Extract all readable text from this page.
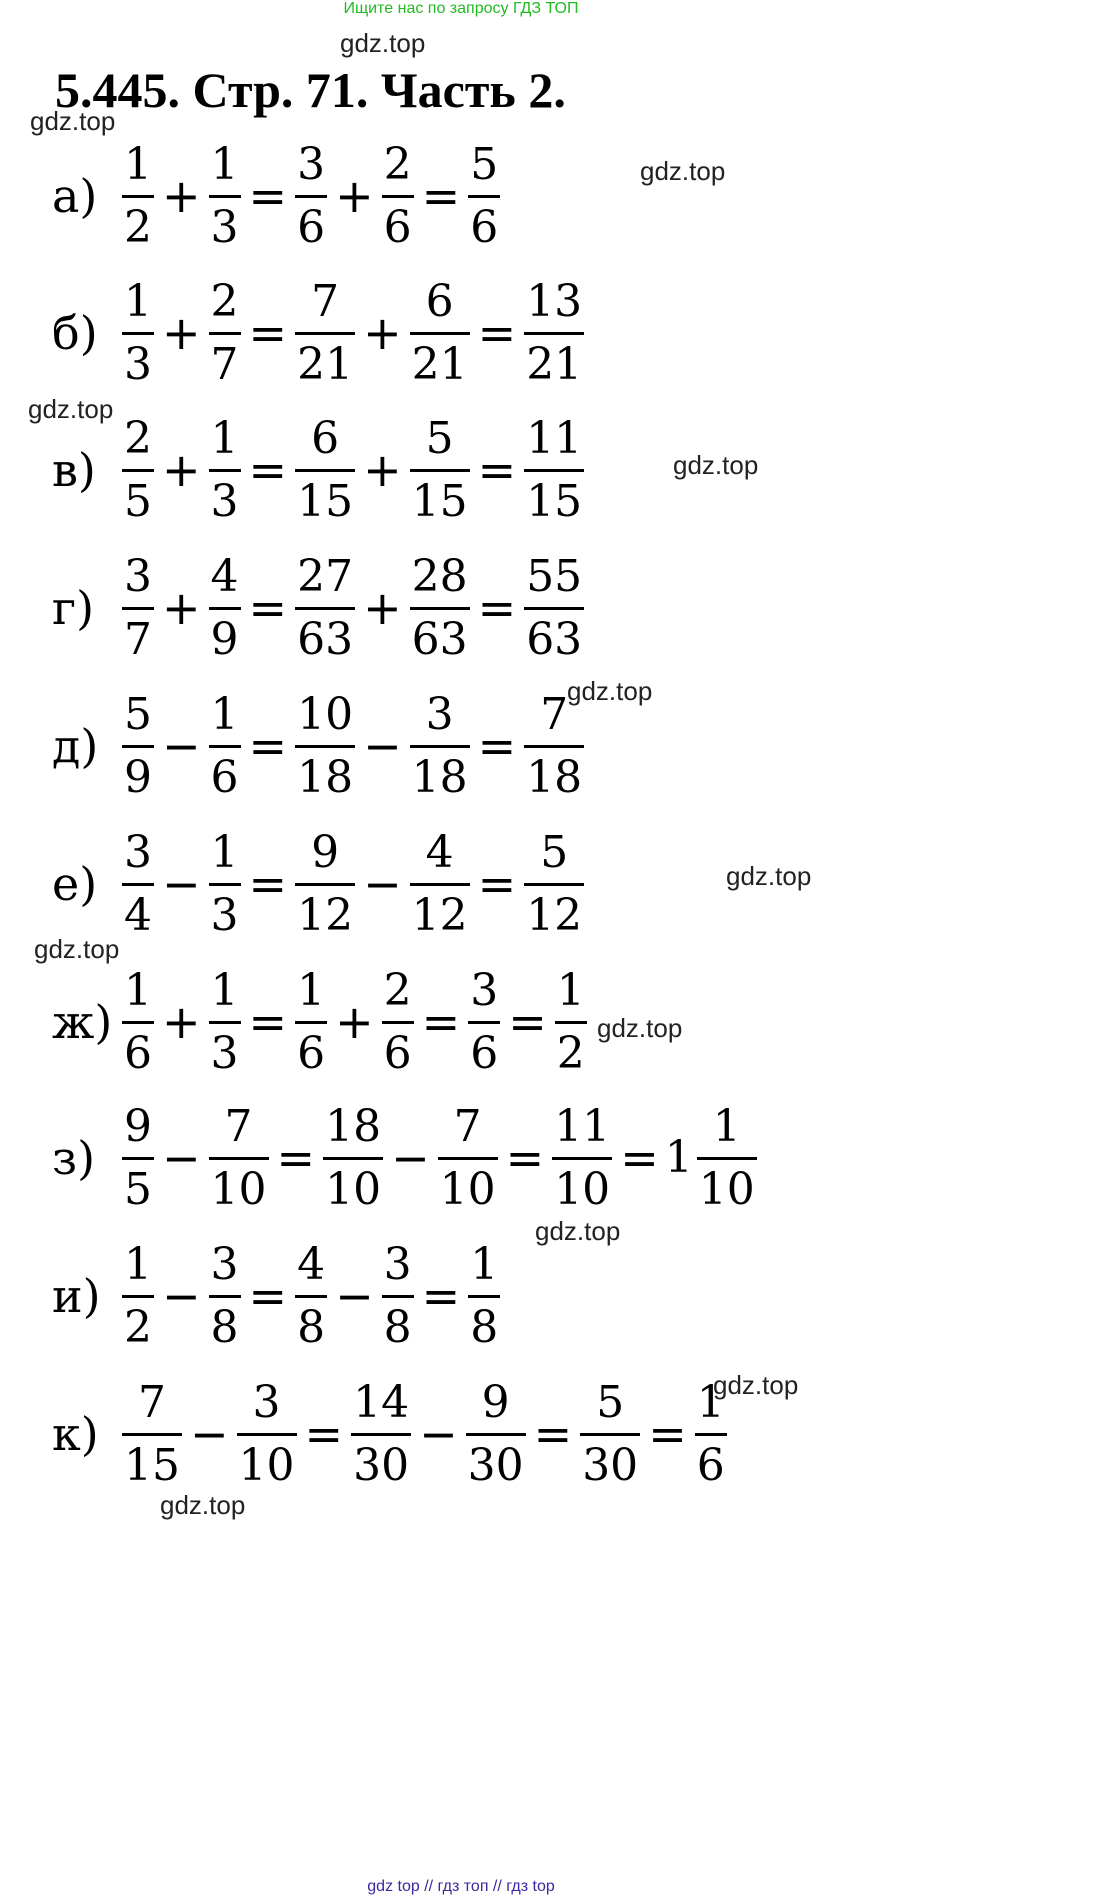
Ищите нас по запросу ГДЗ ТОП
5.445. Стр. 71. Часть 2.
$а) \frac{1}{2} + \frac{1}{3} = \frac{3}{6} + \frac{2}{6} = \frac{5}{6}$
$б) \frac{1}{3} + \frac{2}{7} = \frac{7}{21} + \frac{6}{21} = \frac{13}{21}$
$в) \frac{2}{5} + \frac{1}{3} = \frac{6}{15} + \frac{5}{15} = \frac{11}{15}$
$г) \frac{3}{7} + \frac{4}{9} = \frac{27}{63} + \frac{28}{63} = \frac{55}{63}$
$д) \frac{5}{9} - \frac{1}{6} = \frac{10}{18} - \frac{3}{18} = \frac{7}{18}$
$е) \frac{3}{4} - \frac{1}{3} = \frac{9}{12} - \frac{4}{12} = \frac{5}{12}$
$ж) \frac{1}{6} + \frac{1}{3} = \frac{1}{6} + \frac{2}{6} = \frac{3}{6} = \frac{1}{2}$
$з) \frac{9}{5} - \frac{7}{10} = \frac{18}{10} - \frac{7}{10} = \frac{11}{10} = 1 \frac{1}{10}$
$и) \frac{1}{2} - \frac{3}{8} = \frac{4}{8} - \frac{3}{8} = \frac{1}{8}$
$к) \frac{7}{15} - \frac{3}{10} = \frac{14}{30} - \frac{9}{30} = \frac{5}{30} = \frac{1}{6}$
gdz.top
gdz.top
gdz.top
gdz.top
gdz.top
gdz.top
gdz.top
gdz.top
gdz.top
gdz.top
gdz.top
gdz.top
gdz top // гдз топ // гдз top
